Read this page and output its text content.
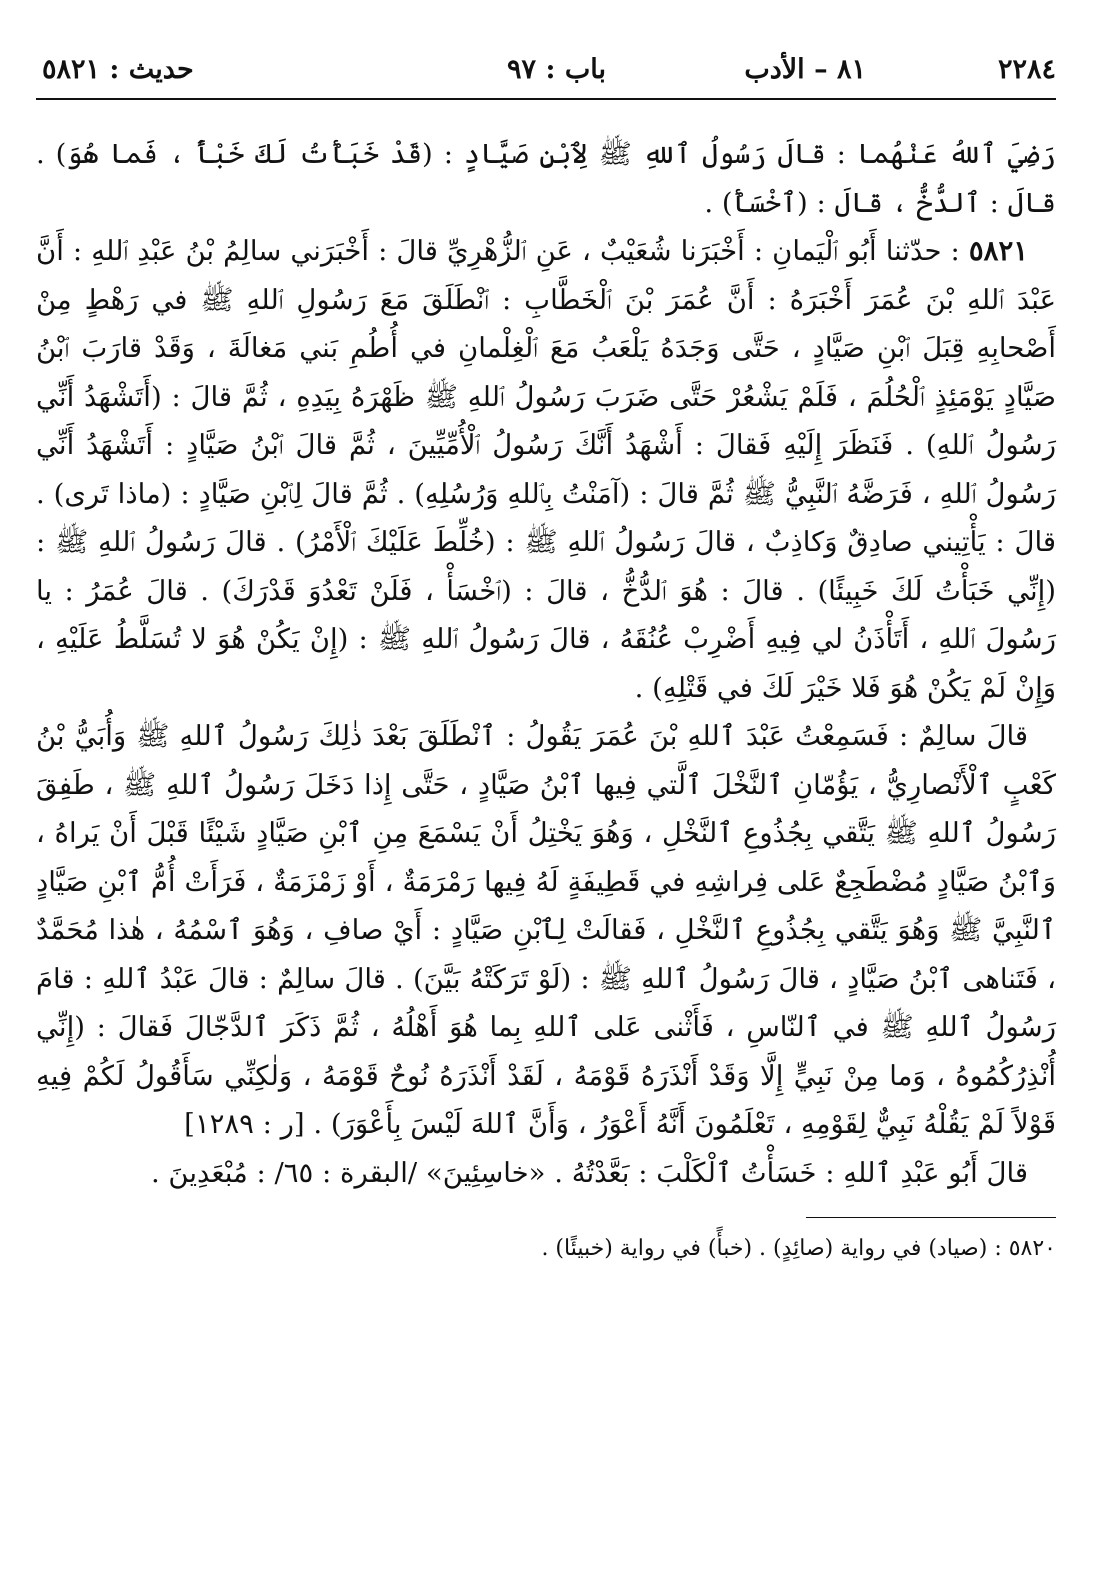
٢٢٨٤
٨١ – الأدب
باب : ٩٧
حديث : ٥٨٢١

رَضِيَ ٱللهُ عَنْهُما : قالَ رَسُولُ ٱللهِ ﷺ لِٱبْنِ صَيَّادٍ : (قَدْ خَبَأْتُ لَكَ خَبْأً ، فَما هُوَ) . قالَ : ٱلدُّخُّ ، قالَ : (ٱخْسَأْ) .

٥٨٢١ : حدّثنا أَبُو ٱلْيَمانِ : أَخْبَرَنا شُعَيْبٌ ، عَنِ ٱلزُّهْرِيِّ قالَ : أَخْبَرَني سالِمُ بْنُ عَبْدِ ٱللهِ : أَنَّ عَبْدَ ٱللهِ بْنَ عُمَرَ أَخْبَرَهُ : أَنَّ عُمَرَ بْنَ ٱلْخَطَّابِ : ٱنْطَلَقَ مَعَ رَسُولِ ٱللهِ ﷺ في رَهْطٍ مِنْ أَصْحابِهِ قِبَلَ ٱبْنِ صَيَّادٍ ، حَتَّى وَجَدَهُ يَلْعَبُ مَعَ ٱلْغِلْمانِ في أُطُمِ بَني مَغالَةَ ، وَقَدْ قارَبَ ٱبْنُ صَيَّادٍ يَوْمَئِذٍ ٱلْحُلُمَ ، فَلَمْ يَشْعُرْ حَتَّى ضَرَبَ رَسُولُ ٱللهِ ﷺ ظَهْرَهُ بِيَدِهِ ، ثُمَّ قالَ : (أَتَشْهَدُ أَنِّي رَسُولُ ٱللهِ) . فَنَظَرَ إِلَيْهِ فَقالَ : أَشْهَدُ أَنَّكَ رَسُولُ ٱلْأُمِّيِّينَ ، ثُمَّ قالَ ٱبْنُ صَيَّادٍ : أَتَشْهَدُ أَنِّي رَسُولُ ٱللهِ ، فَرَضَّهُ ٱلنَّبِيُّ ﷺ ثُمَّ قالَ : (آمَنْتُ بِٱللهِ وَرُسُلِهِ) . ثُمَّ قالَ لِٱبْنِ صَيَّادٍ : (ماذا تَرى) . قالَ : يَأْتِيني صادِقٌ وَكاذِبٌ ، قالَ رَسُولُ ٱللهِ ﷺ : (خُلِّطَ عَلَيْكَ ٱلْأَمْرُ) . قالَ رَسُولُ ٱللهِ ﷺ : (إِنِّي خَبَأْتُ لَكَ خَبِيئًا) . قالَ : هُوَ ٱلدُّخُّ ، قالَ : (ٱخْسَأْ ، فَلَنْ تَعْدُوَ قَدْرَكَ) . قالَ عُمَرُ : يا رَسُولَ ٱللهِ ، أَتَأْذَنُ لي فِيهِ أَضْرِبْ عُنُقَهُ ، قالَ رَسُولُ ٱللهِ ﷺ : (إِنْ يَكُنْ هُوَ لا تُسَلَّطُ عَلَيْهِ ، وَإِنْ لَمْ يَكُنْ هُوَ فَلا خَيْرَ لَكَ في قَتْلِهِ) .

قالَ سالِمٌ : فَسَمِعْتُ عَبْدَ ٱللهِ بْنَ عُمَرَ يَقُولُ : ٱنْطَلَقَ بَعْدَ ذٰلِكَ رَسُولُ ٱللهِ ﷺ وَأُبَيُّ بْنُ كَعْبٍ ٱلْأَنْصارِيُّ ، يَؤُمّانِ ٱلنَّخْلَ ٱلَّتي فِيها ٱبْنُ صَيَّادٍ ، حَتَّى إِذا دَخَلَ رَسُولُ ٱللهِ ﷺ ، طَفِقَ رَسُولُ ٱللهِ ﷺ يَتَّقي بِجُذُوعِ ٱلنَّخْلِ ، وَهُوَ يَخْتِلُ أَنْ يَسْمَعَ مِنِ ٱبْنِ صَيَّادٍ شَيْئًا قَبْلَ أَنْ يَراهُ ، وَٱبْنُ صَيَّادٍ مُضْطَجِعٌ عَلى فِراشِهِ في قَطِيفَةٍ لَهُ فِيها رَمْرَمَةٌ ، أَوْ زَمْزَمَةٌ ، فَرَأَتْ أُمُّ ٱبْنِ صَيَّادٍ ٱلنَّبِيَّ ﷺ وَهُوَ يَتَّقي بِجُذُوعِ ٱلنَّخْلِ ، فَقالَتْ لِٱبْنِ صَيَّادٍ : أَيْ صافِ ، وَهُوَ ٱسْمُهُ ، هٰذا مُحَمَّدٌ ، فَتَناهى ٱبْنُ صَيَّادٍ ، قالَ رَسُولُ ٱللهِ ﷺ : (لَوْ تَرَكَتْهُ بَيَّنَ) . قالَ سالِمٌ : قالَ عَبْدُ ٱللهِ : قامَ رَسُولُ ٱللهِ ﷺ في ٱلنّاسِ ، فَأَثْنى عَلى ٱللهِ بِما هُوَ أَهْلُهُ ، ثُمَّ ذَكَرَ ٱلدَّجّالَ فَقالَ : (إِنِّي أُنْذِرُكُمُوهُ ، وَما مِنْ نَبِيٍّ إِلَّا وَقَدْ أَنْذَرَهُ قَوْمَهُ ، لَقَدْ أَنْذَرَهُ نُوحٌ قَوْمَهُ ، وَلٰكِنِّي سَأَقُولُ لَكُمْ فِيهِ قَوْلاً لَمْ يَقُلْهُ نَبِيٌّ لِقَوْمِهِ ، تَعْلَمُونَ أَنَّهُ أَعْوَرُ ، وَأَنَّ ٱللهَ لَيْسَ بِأَعْوَرَ) . [ر : ١٢٨٩]

قالَ أَبُو عَبْدِ ٱللهِ : خَسَأْتُ ٱلْكَلْبَ : بَعَّدْتُهُ . «خاسِئِينَ» /البقرة : ٦٥/ : مُبْعَدِينَ .

٥٨٢٠ : (صياد) في رواية (صائِدٍ) . (خبأً) في رواية (خبيئًا) .
